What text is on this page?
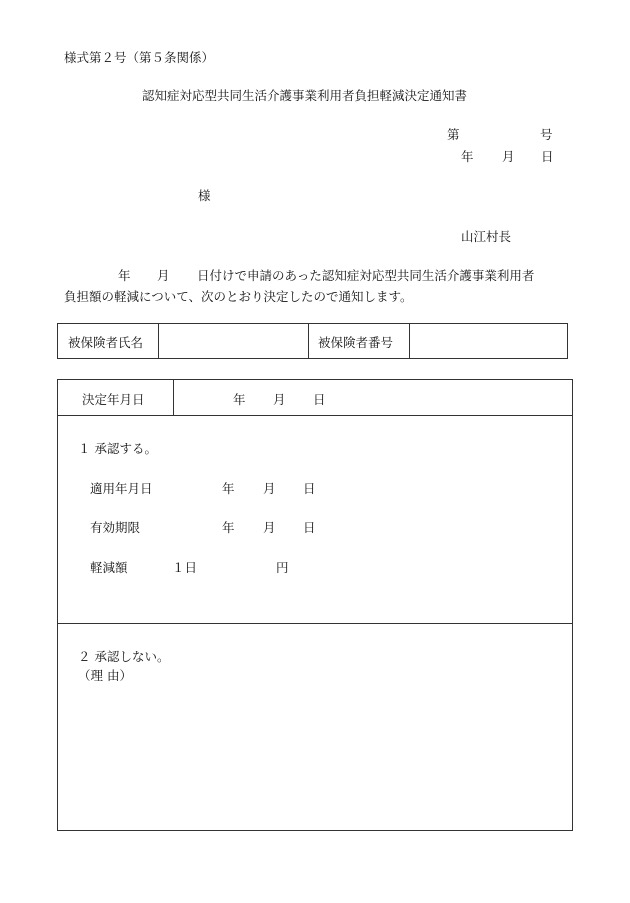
様式第２号（第５条関係）
認知症対応型共同生活介護事業利用者負担軽減決定通知書
第	号
年 月 日
様
山江村長
年 月 日付けで申請のあった認知症対応型共同生活介護事業利用者
負担額の軽減について、次のとおり決定したので通知します。
被保険者氏名	被保険者番号
決定年月日	年 月 日
１ 承認する。
適用年月日	年 月 日
有効期限	年 月 日
軽減額	１日	円
２ 承認しない。
（理 由）
